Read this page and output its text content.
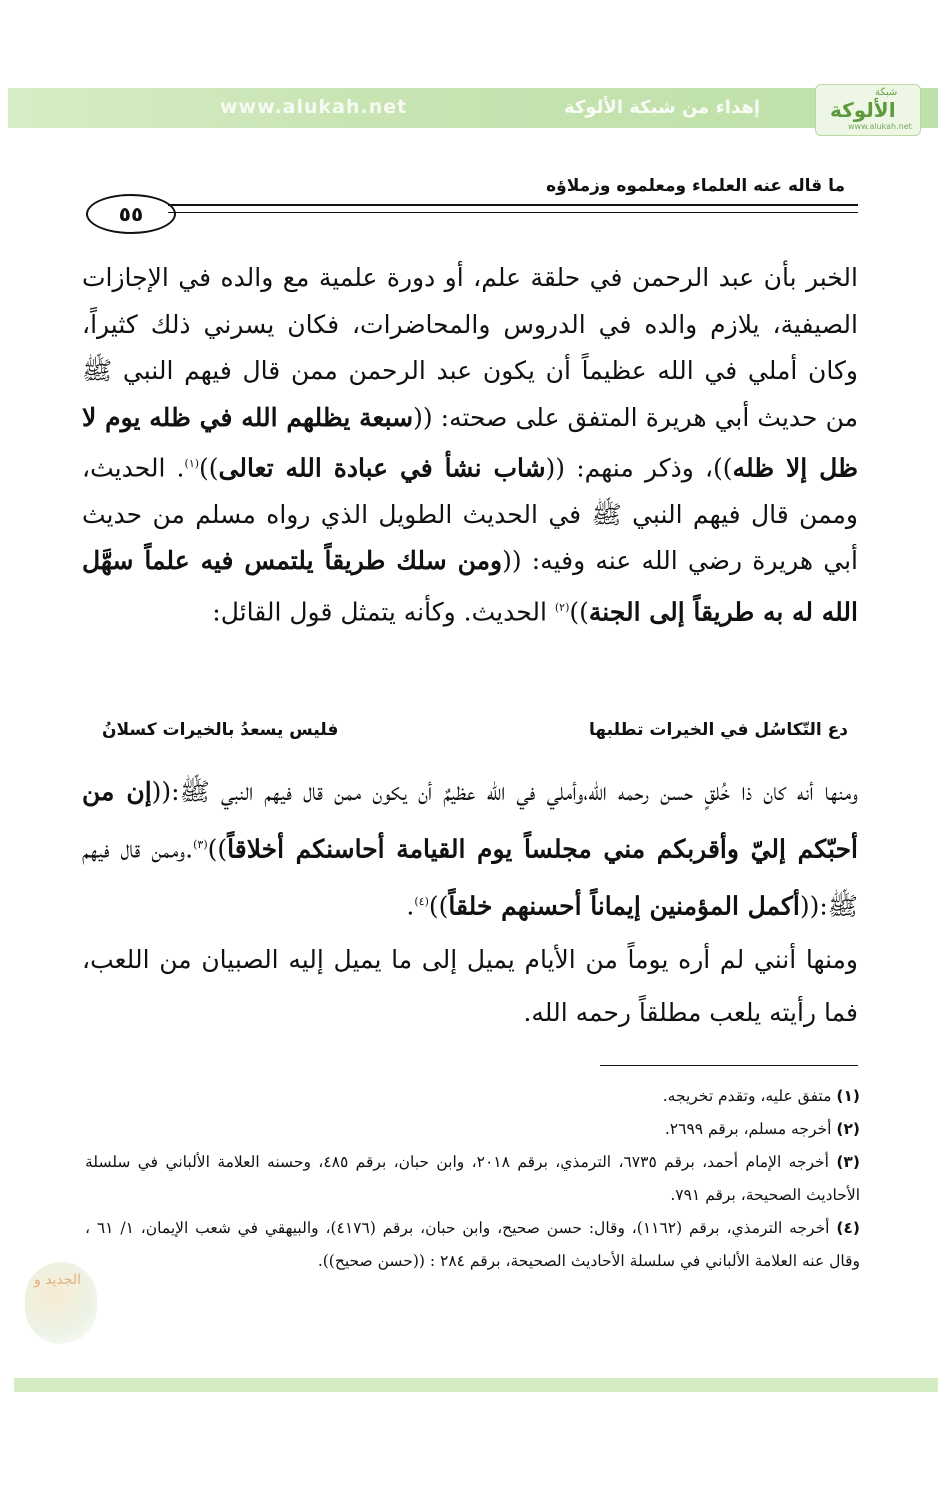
www.alukah.net	إهداء من شبكة الألوكة
شبكة
الألوكة
www.alukah.net
ما قاله عنه العلماء ومعلموه وزملاؤه
٥٥

الخبر بأن عبد الرحمن في حلقة علم، أو دورة علمية مع والده في الإجازات الصيفية، يلازم والده في الدروس والمحاضرات، فكان يسرني ذلك كثيراً، وكان أملي في الله عظيماً أن يكون عبد الرحمن ممن قال فيهم النبي ﷺ من حديث أبي هريرة المتفق على صحته: ((سبعة يظلهم الله في ظله يوم لا ظل إلا ظله))، وذكر منهم: ((شاب نشأ في عبادة الله تعالى))$^{(١)}$. الحديث، وممن قال فيهم النبي ﷺ في الحديث الطويل الذي رواه مسلم من حديث أبي هريرة رضي الله عنه وفيه: ((ومن سلك طريقاً يلتمس فيه علماً سهَّل الله له به طريقاً إلى الجنة))$^{(٢)}$ الحديث. وكأنه يتمثل قول القائل:

دع التّكاسُل في الخيرات تطلبها
فليس يسعدُ بالخيرات كسلانُ

ومنها أنه كان ذا خُلقٍ حسن رحمه الله،وأملي في الله عظيمٌ أن يكون ممن قال فيهم النبي ﷺ:((إن من أحبّكم إليّ وأقربكم مني مجلساً يوم القيامة أحاسنكم أخلاقاً))$^{(٣)}$.وممن قال فيهم ﷺ:((أكمل المؤمنين إيماناً أحسنهم خلقاً))$^{(٤)}$.

ومنها أنني لم أره يوماً من الأيام يميل إلى ما يميل إليه الصبيان من اللعب، فما رأيته يلعب مطلقاً رحمه الله.

(١) متفق عليه، وتقدم تخريجه.

(٢) أخرجه مسلم، برقم ٢٦٩٩.

(٣) أخرجه الإمام أحمد، برقم ٦٧٣٥، الترمذي، برقم ٢٠١٨، وابن حبان، برقم ٤٨٥، وحسنه العلامة الألباني في سلسلة الأحاديث الصحيحة، برقم ٧٩١.

(٤) أخرجه الترمذي، برقم (١١٦٢)، وقال: حسن صحيح، وابن حبان، برقم (٤١٧٦)، والبيهقي في شعب الإيمان، ١/ ٦١ ، وقال عنه العلامة الألباني في سلسلة الأحاديث الصحيحة، برقم ٢٨٤ : ((حسن صحيح)).

الجديد و
